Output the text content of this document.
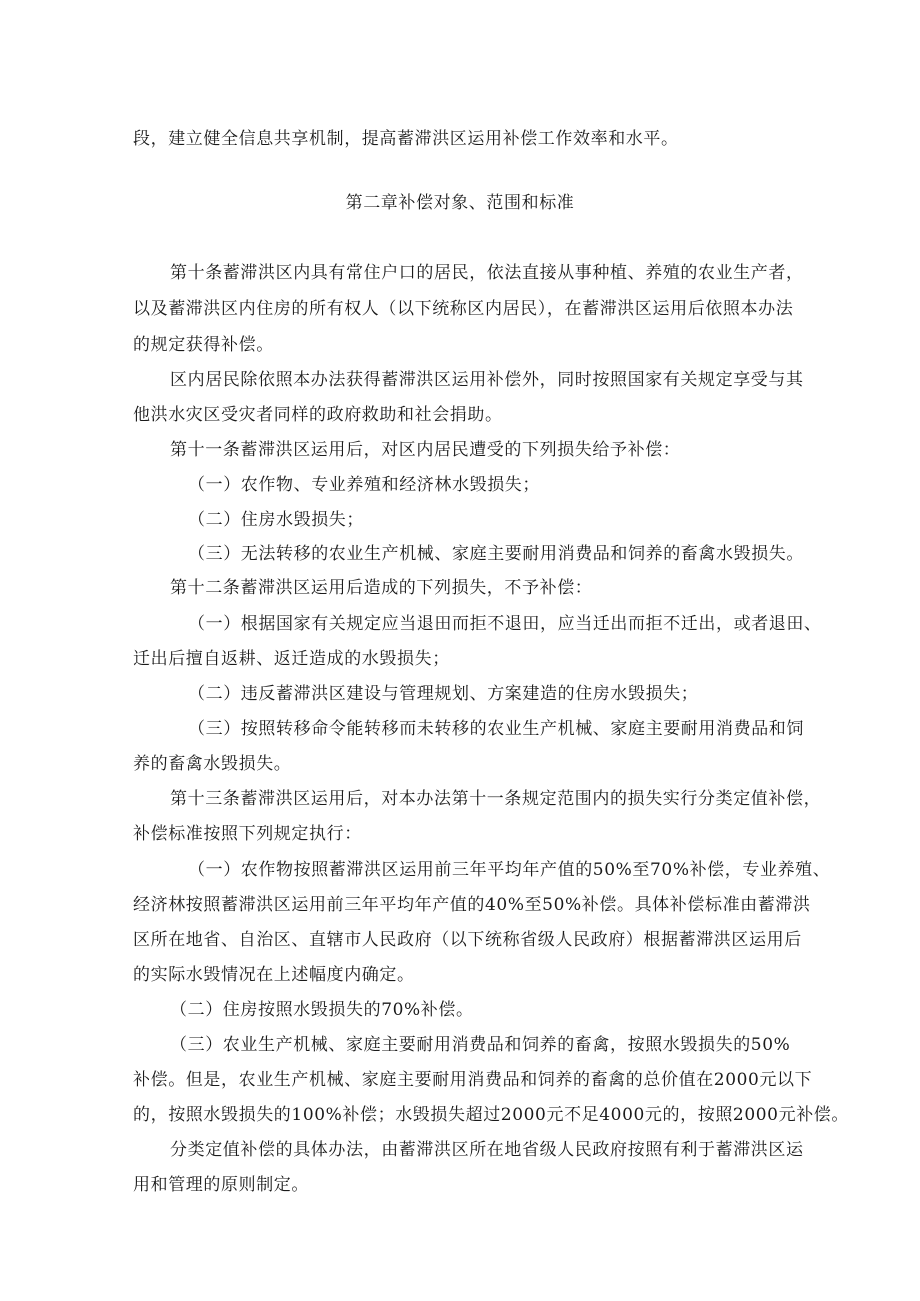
段，建立健全信息共享机制，提高蓄滞洪区运用补偿工作效率和水平。
第二章补偿对象、范围和标准
第十条蓄滞洪区内具有常住户口的居民，依法直接从事种植、养殖的农业生产者，
以及蓄滞洪区内住房的所有权人（以下统称区内居民），在蓄滞洪区运用后依照本办法
的规定获得补偿。
区内居民除依照本办法获得蓄滞洪区运用补偿外，同时按照国家有关规定享受与其
他洪水灾区受灾者同样的政府救助和社会捐助。
第十一条蓄滞洪区运用后，对区内居民遭受的下列损失给予补偿：
（一）农作物、专业养殖和经济林水毁损失；
（二）住房水毁损失；
（三）无法转移的农业生产机械、家庭主要耐用消费品和饲养的畜禽水毁损失。
第十二条蓄滞洪区运用后造成的下列损失，不予补偿：
（一）根据国家有关规定应当退田而拒不退田，应当迁出而拒不迁出，或者退田、
迁出后擅自返耕、返迁造成的水毁损失；
（二）违反蓄滞洪区建设与管理规划、方案建造的住房水毁损失；
（三）按照转移命令能转移而未转移的农业生产机械、家庭主要耐用消费品和饲
养的畜禽水毁损失。
第十三条蓄滞洪区运用后，对本办法第十一条规定范围内的损失实行分类定值补偿，
补偿标准按照下列规定执行：
（一）农作物按照蓄滞洪区运用前三年平均年产值的50%至70%补偿，专业养殖、
经济林按照蓄滞洪区运用前三年平均年产值的40%至50%补偿。具体补偿标准由蓄滞洪
区所在地省、自治区、直辖市人民政府（以下统称省级人民政府）根据蓄滞洪区运用后
的实际水毁情况在上述幅度内确定。
（二）住房按照水毁损失的70%补偿。
（三）农业生产机械、家庭主要耐用消费品和饲养的畜禽，按照水毁损失的50%
补偿。但是，农业生产机械、家庭主要耐用消费品和饲养的畜禽的总价值在2000元以下
的，按照水毁损失的100%补偿；水毁损失超过2000元不足4000元的，按照2000元补偿。
分类定值补偿的具体办法，由蓄滞洪区所在地省级人民政府按照有利于蓄滞洪区运
用和管理的原则制定。
